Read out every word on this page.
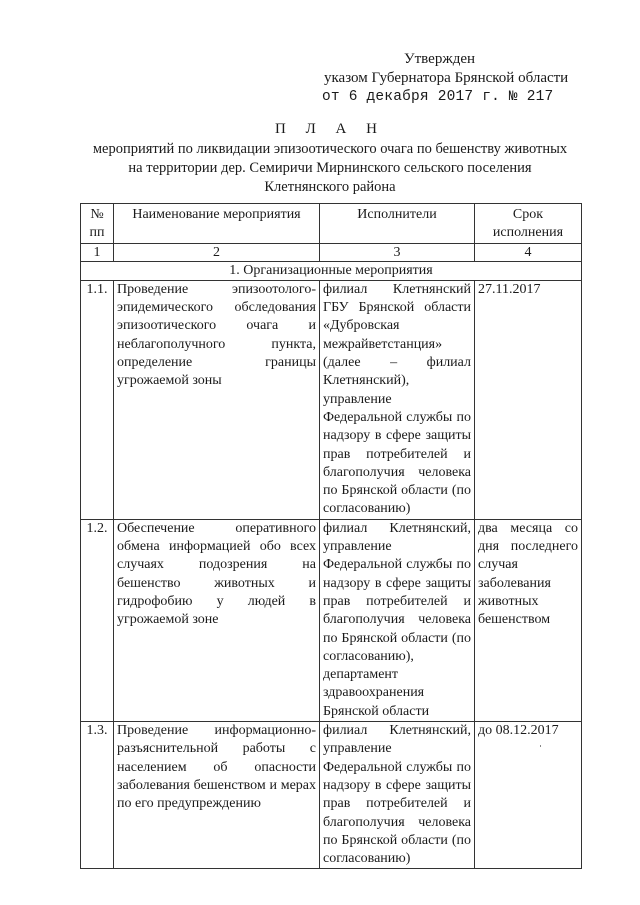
Утвержден
указом Губернатора Брянской области
от 6 декабря 2017 г. № 217
П Л А Н
мероприятий по ликвидации эпизоотического очага по бешенству животных
на территории дер. Семиричи Мирнинского сельского поселения
Клетнянского района
№ пп	Наименование мероприятия	Исполнители	Срок исполнения
1	2	3	4
1. Организационные мероприятия			
1.1.	Проведение эпизоотолого-эпидемического обследования эпизоотического очага и неблагополучного пункта, определение границы угрожаемой зоны	филиал Клетнянский ГБУ Брянской области «Дубровская межрайветстанция» (далее – филиал Клетнянский), управление Федеральной службы по надзору в сфере защиты прав потребителей и благополучия человека по Брянской области (по согласованию)	27.11.2017
1.2.	Обеспечение оперативного обмена информацией обо всех случаях подозрения на бешенство животных и гидрофобию у людей в угрожаемой зоне	филиал Клетнянский, управление Федеральной службы по надзору в сфере защиты прав потребителей и благополучия человека по Брянской области (по согласованию), департамент здравоохранения Брянской области	два месяца со дня последнего случая заболевания животных бешенством
1.3.	Проведение информационно-разъяснительной работы с населением об опасности заболевания бешенством и мерах по его предупреждению	филиал Клетнянский, управление Федеральной службы по надзору в сфере защиты прав потребителей и благополучия человека по Брянской области (по согласованию)	до 08.12.2017
